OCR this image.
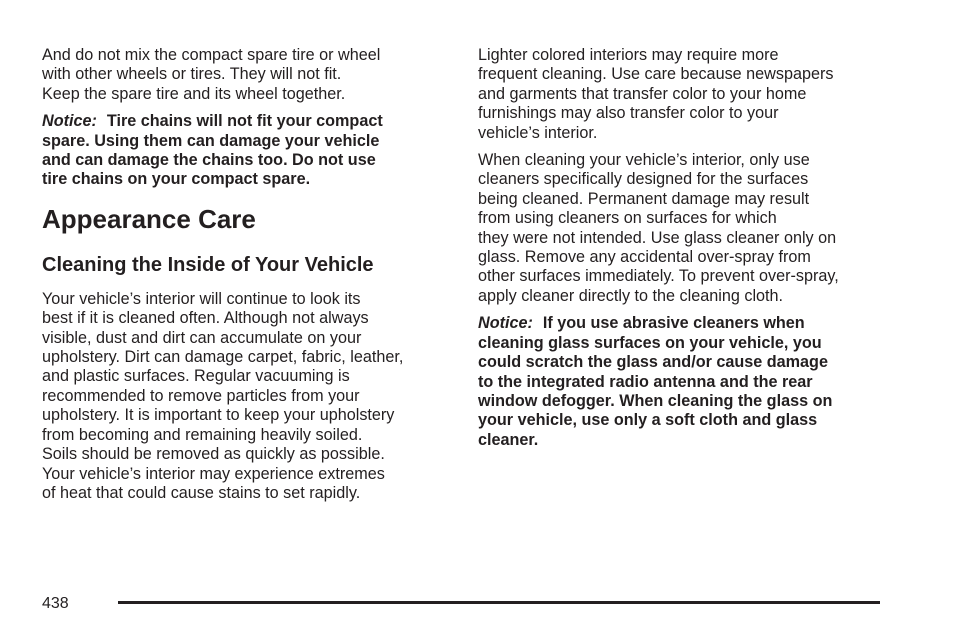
And do not mix the compact spare tire or wheel
with other wheels or tires. They will not fit.
Keep the spare tire and its wheel together.

Notice: Tire chains will not fit your compact
spare. Using them can damage your vehicle
and can damage the chains too. Do not use
tire chains on your compact spare.

Appearance Care
Cleaning the Inside of Your Vehicle

Your vehicle’s interior will continue to look its
best if it is cleaned often. Although not always
visible, dust and dirt can accumulate on your
upholstery. Dirt can damage carpet, fabric, leather,
and plastic surfaces. Regular vacuuming is
recommended to remove particles from your
upholstery. It is important to keep your upholstery
from becoming and remaining heavily soiled.
Soils should be removed as quickly as possible.
Your vehicle’s interior may experience extremes
of heat that could cause stains to set rapidly.

Lighter colored interiors may require more
frequent cleaning. Use care because newspapers
and garments that transfer color to your home
furnishings may also transfer color to your
vehicle’s interior.

When cleaning your vehicle’s interior, only use
cleaners specifically designed for the surfaces
being cleaned. Permanent damage may result
from using cleaners on surfaces for which
they were not intended. Use glass cleaner only on
glass. Remove any accidental over-spray from
other surfaces immediately. To prevent over-spray,
apply cleaner directly to the cleaning cloth.

Notice: If you use abrasive cleaners when
cleaning glass surfaces on your vehicle, you
could scratch the glass and/or cause damage
to the integrated radio antenna and the rear
window defogger. When cleaning the glass on
your vehicle, use only a soft cloth and glass
cleaner.

438
